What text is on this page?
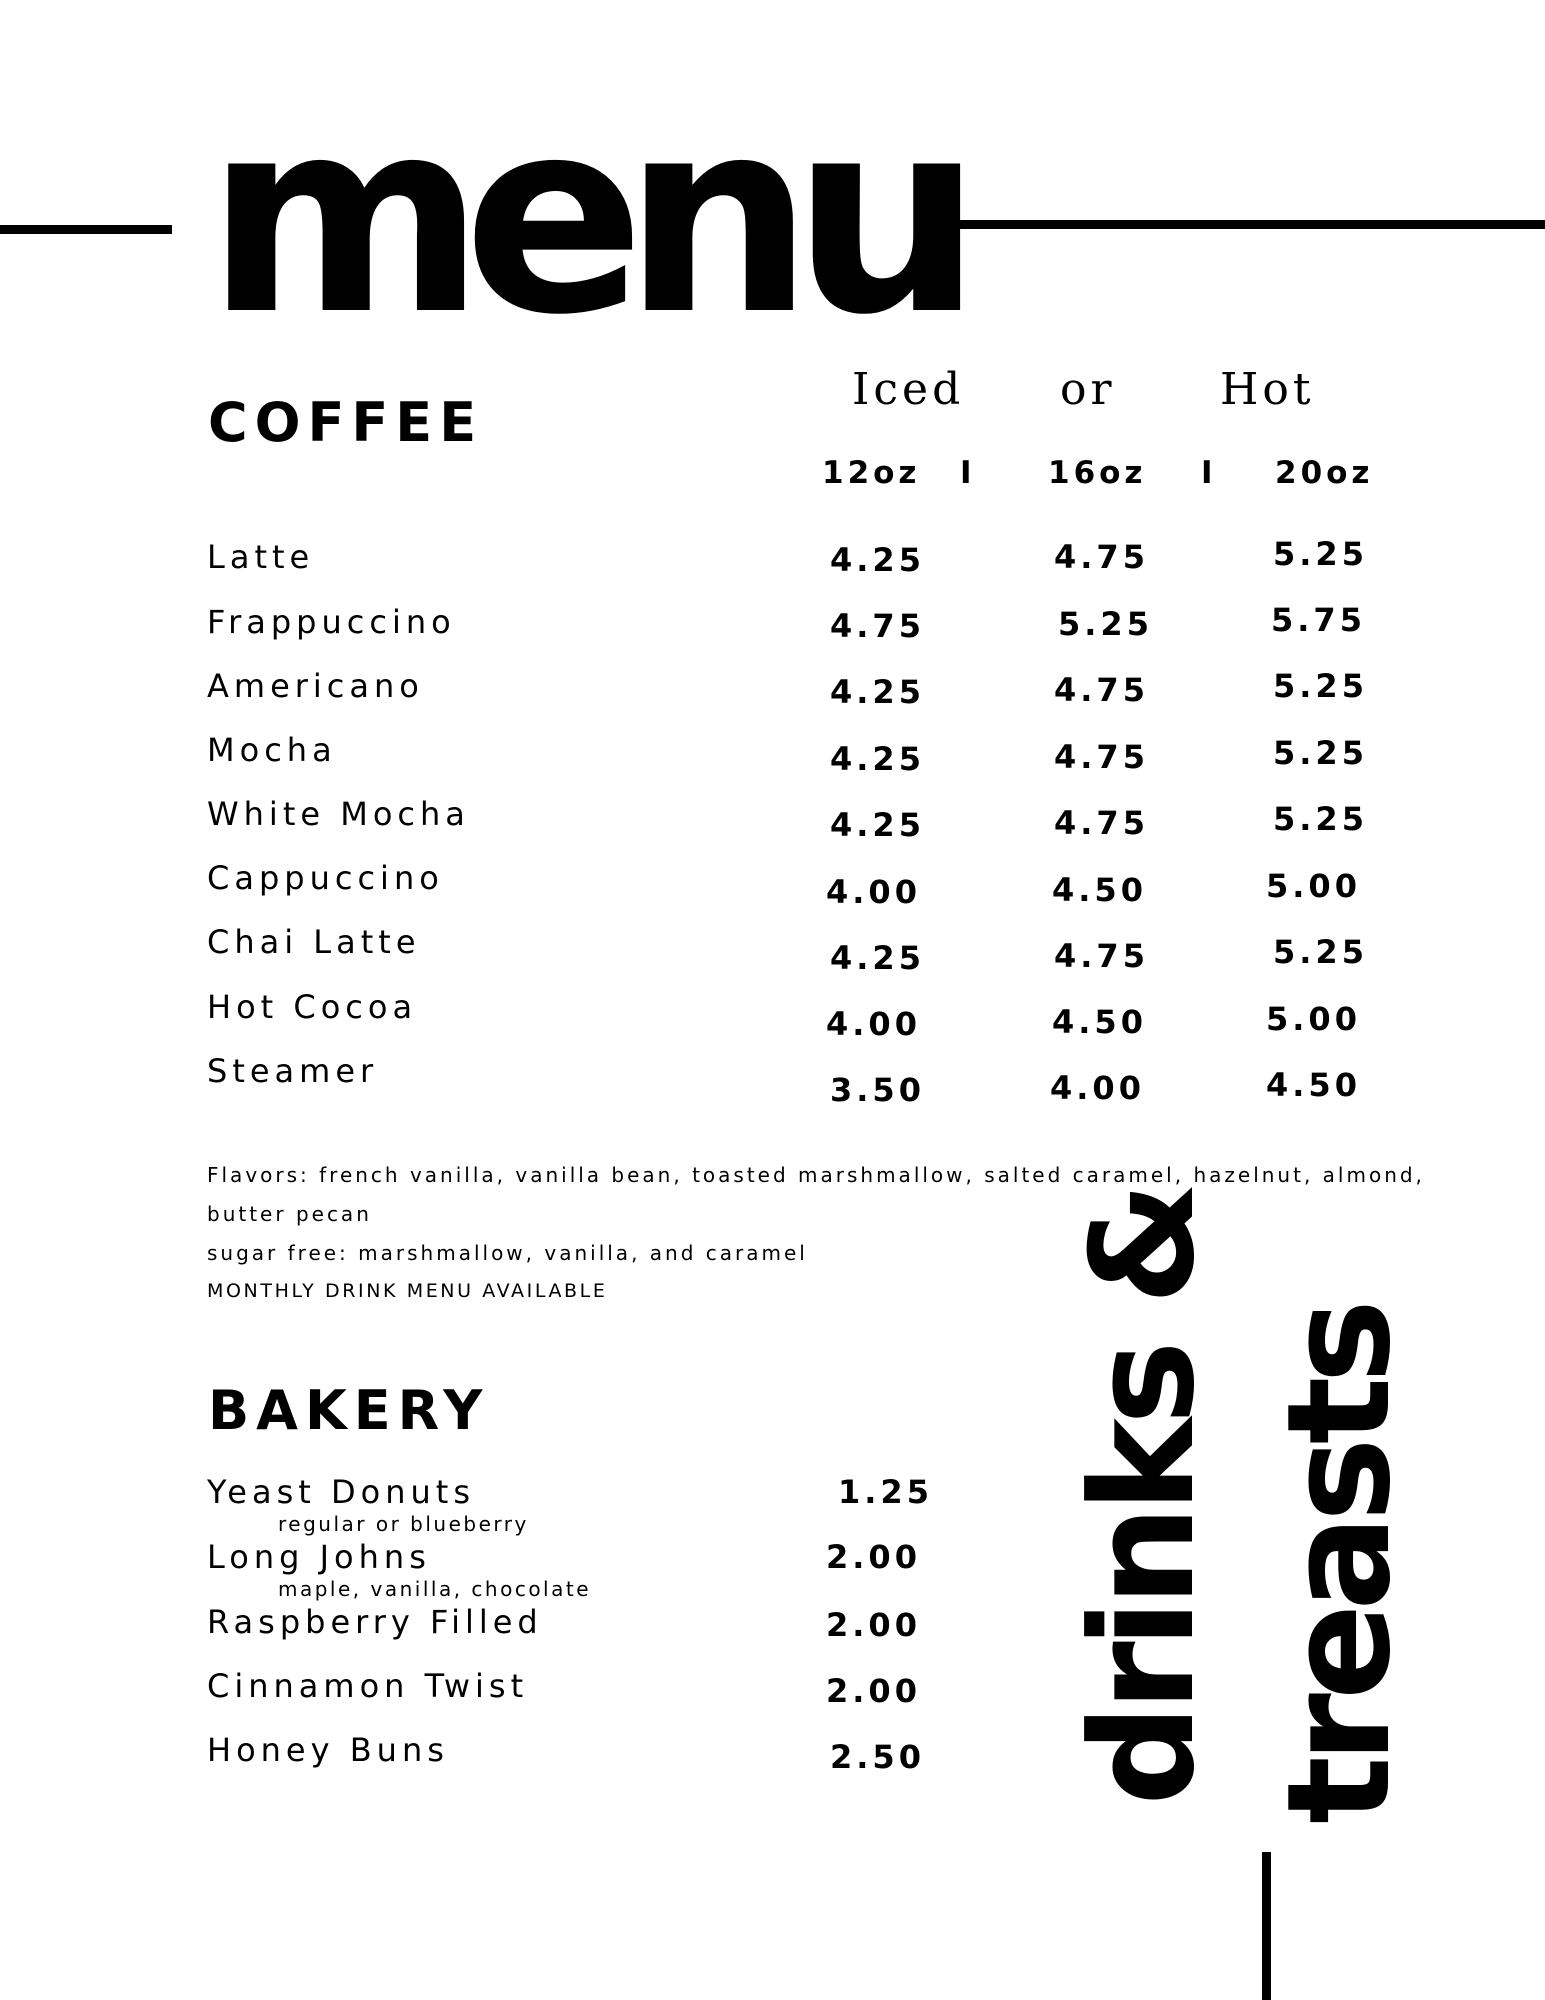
menu
COFFEE
Iced or Hot
12oz I 16oz I 20oz
Latte	4.25	4.75	5.25
Frappuccino	4.75	5.25	5.75
Americano	4.25	4.75	5.25
Mocha	4.25	4.75	5.25
White Mocha	4.25	4.75	5.25
Cappuccino	4.00	4.50	5.00
Chai Latte	4.25	4.75	5.25
Hot Cocoa	4.00	4.50	5.00
Steamer	3.50	4.00	4.50
Flavors: french vanilla, vanilla bean, toasted marshmallow, salted caramel, hazelnut, almond,
butter pecan
sugar free: marshmallow, vanilla, and caramel
MONTHLY DRINK MENU AVAILABLE
BAKERY
Yeast Donuts
regular or blueberry
1.25
Long Johns
maple, vanilla, chocolate
2.00
Raspberry Filled	2.00
Cinnamon Twist	2.00
Honey Buns	2.50 drinks & treasts
